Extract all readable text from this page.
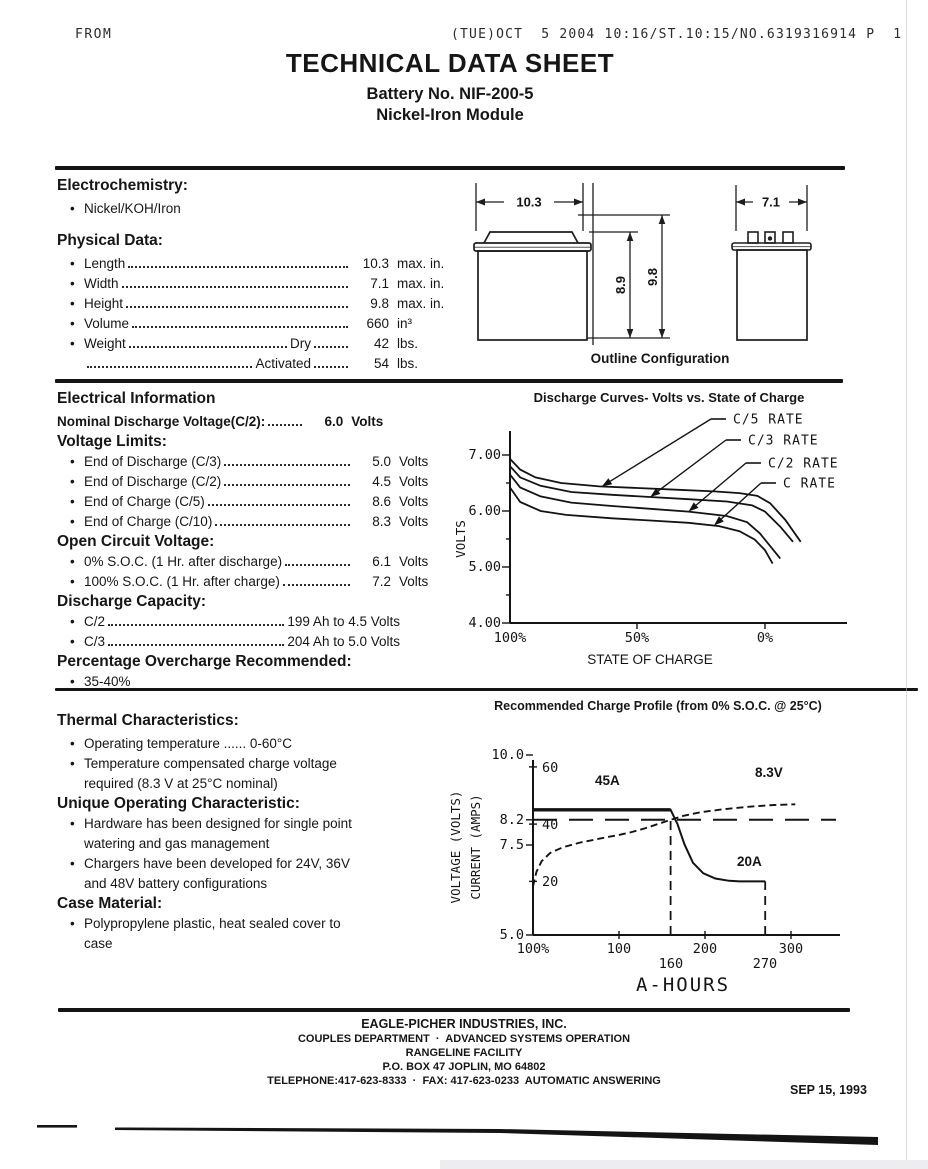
FROM	(TUE)OCT  5 2004 10:16/ST.10:15/NO.6319316914 P  1
TECHNICAL DATA SHEET
Battery No. NIF-200-5
Nickel-Iron Module
Electrochemistry:
• Nickel/KOH/Iron
Physical Data:
• Length	10.3 max. in.
• Width	7.1 max. in.
• Height	9.8 max. in.
• Volume	660 in³
• Weight	Dry	42 lbs.
Activated	54 lbs.
10.3	7.1
8.9 9.8
Outline Configuration
Electrical Information
Nominal Discharge Voltage(C/2):	6.0 Volts
Voltage Limits:
• End of Discharge (C/3)	5.0 Volts
• End of Discharge (C/2)	4.5 Volts
• End of Charge (C/5)	8.6 Volts
• End of Charge (C/10)	8.3 Volts
Open Circuit Voltage:
• 0% S.O.C. (1 Hr. after discharge)	6.1 Volts
• 100% S.O.C. (1 Hr. after charge)	7.2 Volts
Discharge Capacity:
• C/2	199 Ah to 4.5 Volts
• C/3	204 Ah to 5.0 Volts
Percentage Overcharge Recommended:
• 35-40%
Discharge Curves- Volts vs. State of Charge
7.00
6.00
5.00
4.00
100%	50%	0%
VOLTS
STATE OF CHARGE
C/5 RATE
C/3 RATE
C/2 RATE
C RATE
Thermal Characteristics:
• Operating temperature ...... 0-60°C
• Temperature compensated charge voltage
required (8.3 V at 25°C nominal)
Unique Operating Characteristic:
• Hardware has been designed for single point
watering and gas management
• Chargers have been developed for 24V, 36V
and 48V battery configurations
Case Material:
• Polypropylene plastic, heat sealed cover to
case
Recommended Charge Profile (from 0% S.O.C. @ 25°C)
10.0
8.2
7.5
5.0
60
40
20
100%	100
160
200
270
300
VOLTAGE (VOLTS) CURRENT (AMPS)
A-HOURS
45A
8.3V
20A
EAGLE-PICHER INDUSTRIES, INC.
COUPLES DEPARTMENT  ·  ADVANCED SYSTEMS OPERATION
RANGELINE FACILITY
P.O. BOX 47 JOPLIN, MO 64802
TELEPHONE:417-623-8333  ·  FAX: 417-623-0233  AUTOMATIC ANSWERING
SEP 15, 1993
